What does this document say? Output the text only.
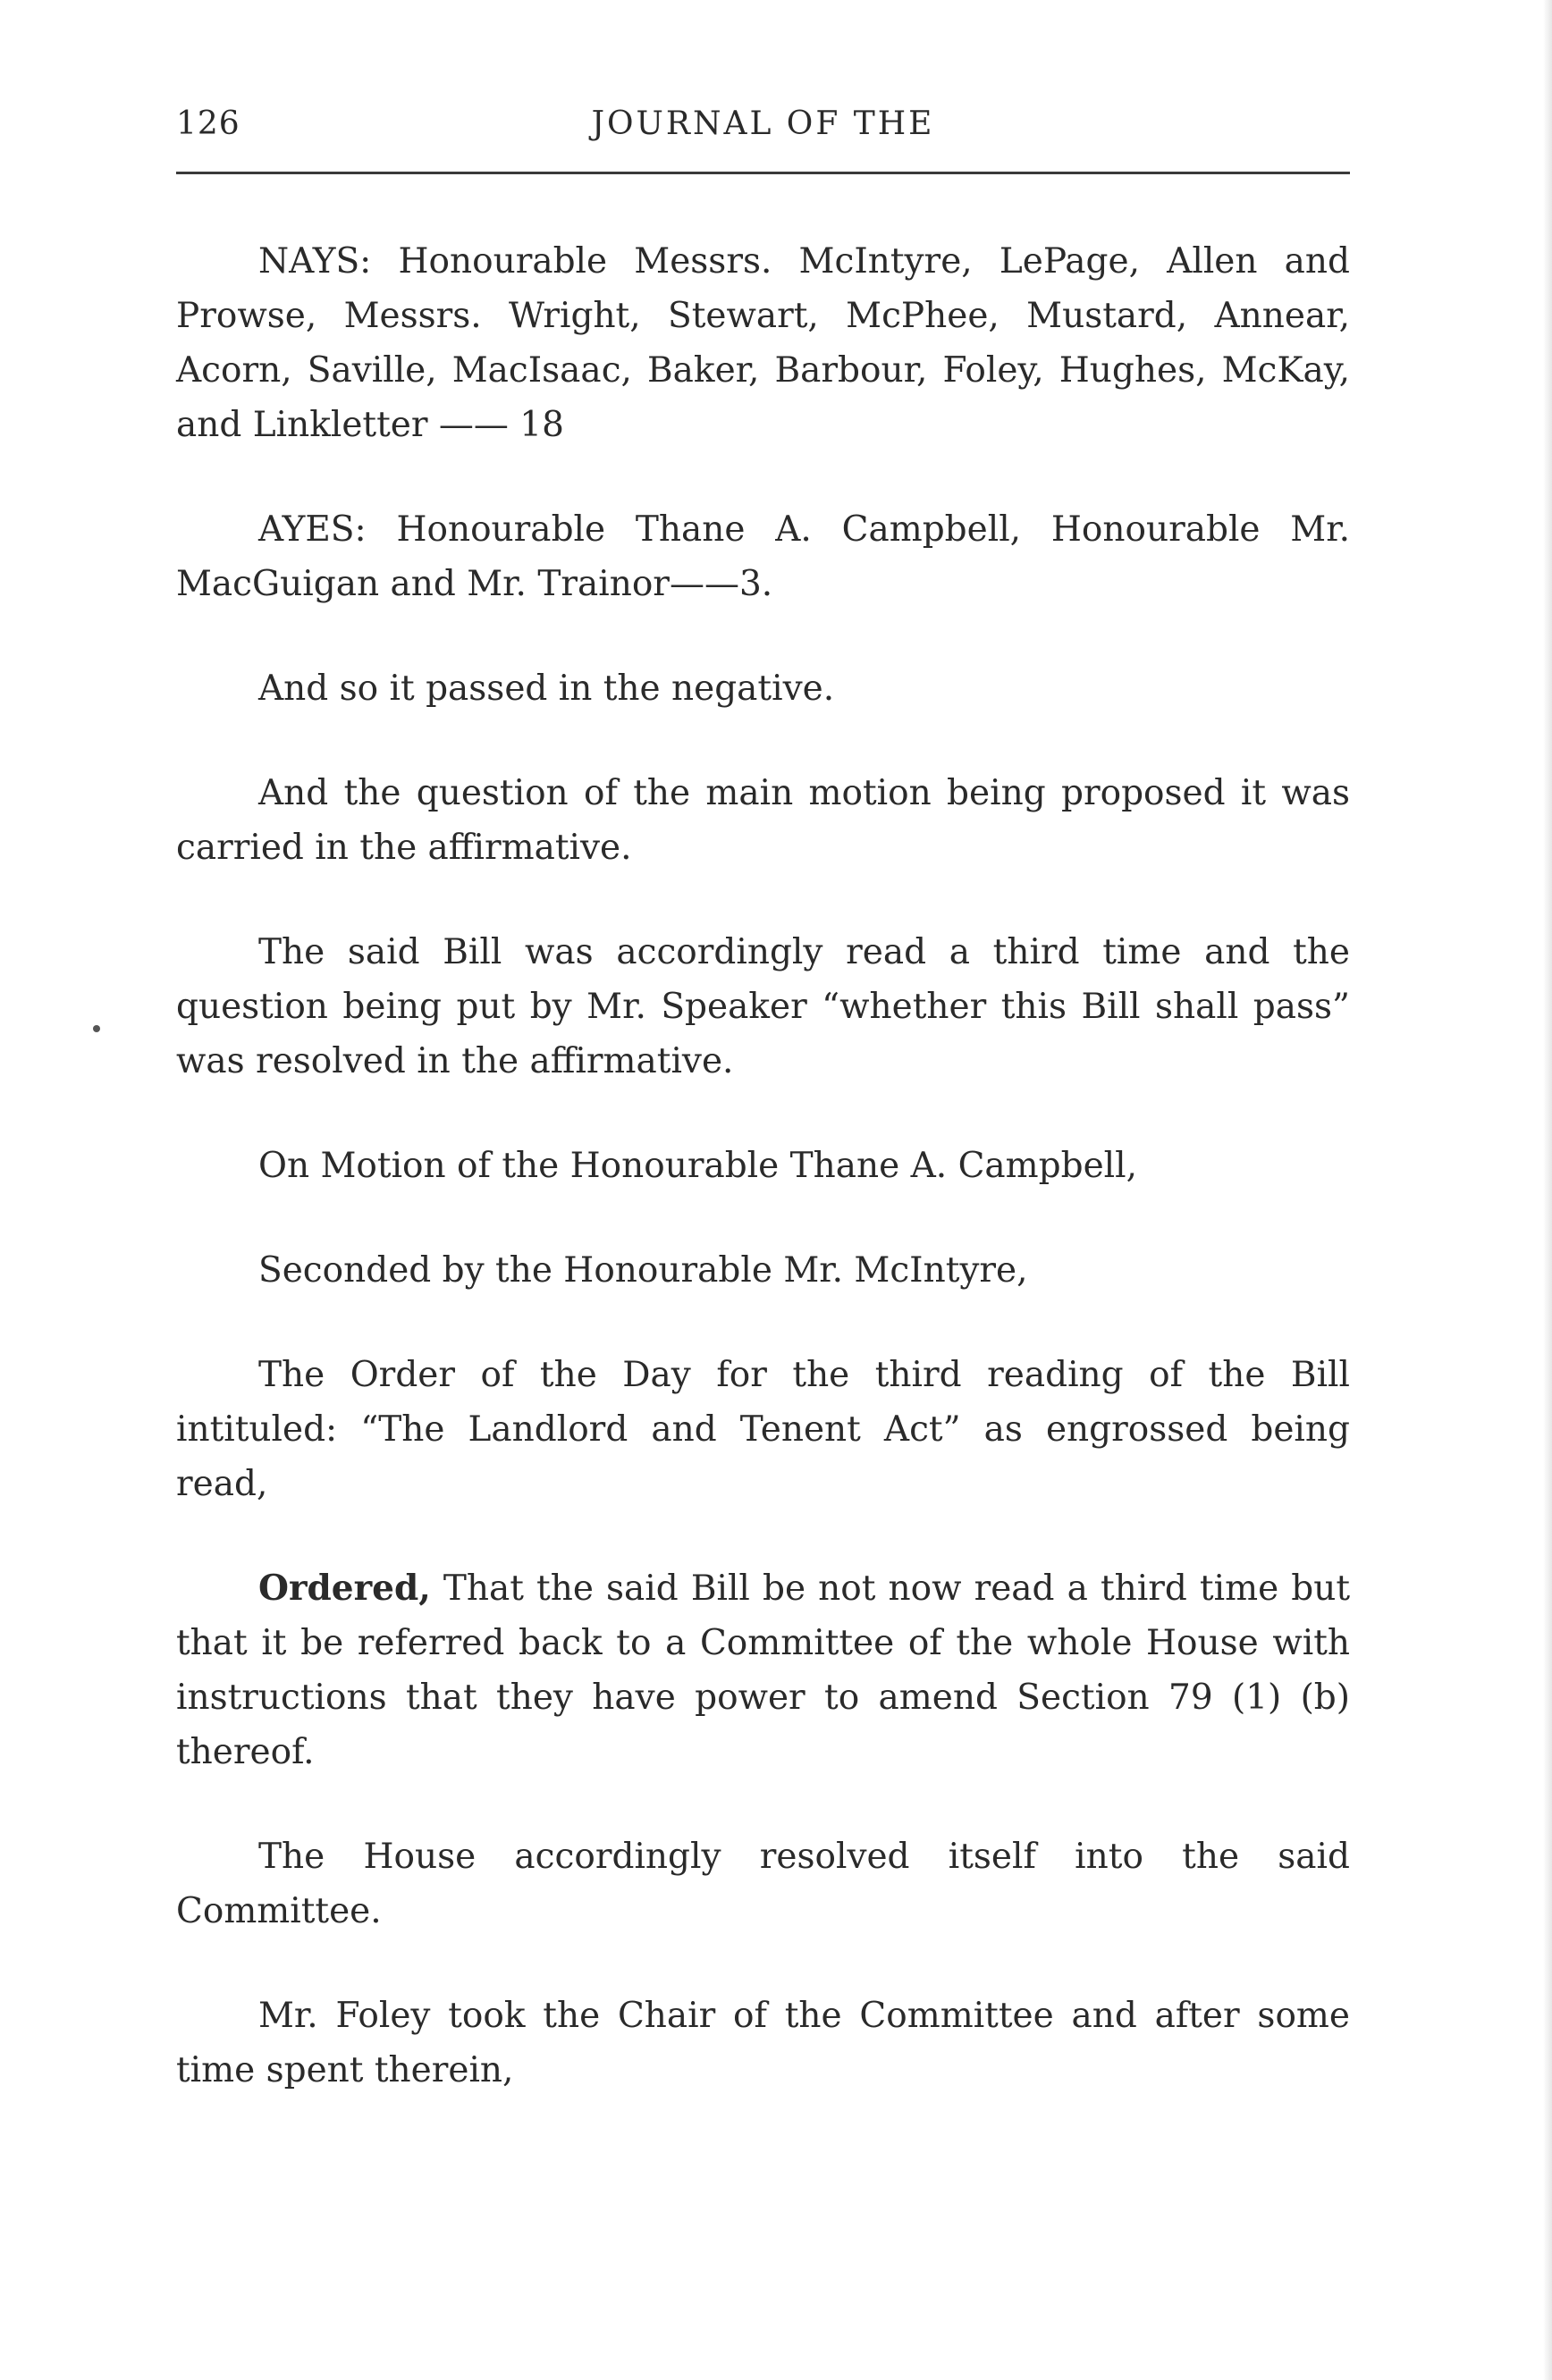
126	JOURNAL OF THE

NAYS: Honourable Messrs. McIntyre, LePage, Allen and Prowse, Messrs. Wright, Stewart, McPhee, Mustard, Annear, Acorn, Saville, MacIsaac, Baker, Barbour, Foley, Hughes, McKay, and Linkletter —— 18

AYES: Honourable Thane A. Campbell, Honourable Mr. MacGuigan and Mr. Trainor——3.

And so it passed in the negative.

And the question of the main motion being proposed it was carried in the affirmative.

The said Bill was accordingly read a third time and the question being put by Mr. Speaker “whether this Bill shall pass” was resolved in the affirmative.

On Motion of the Honourable Thane A. Campbell,

Seconded by the Honourable Mr. McIntyre,

The Order of the Day for the third reading of the Bill intituled: “The Landlord and Tenent Act” as engrossed being read,

Ordered, That the said Bill be not now read a third time but that it be referred back to a Committee of the whole House with instructions that they have power to amend Section 79 (1) (b) thereof.

The House accordingly resolved itself into the said Committee.

Mr. Foley took the Chair of the Committee and after some time spent therein,
